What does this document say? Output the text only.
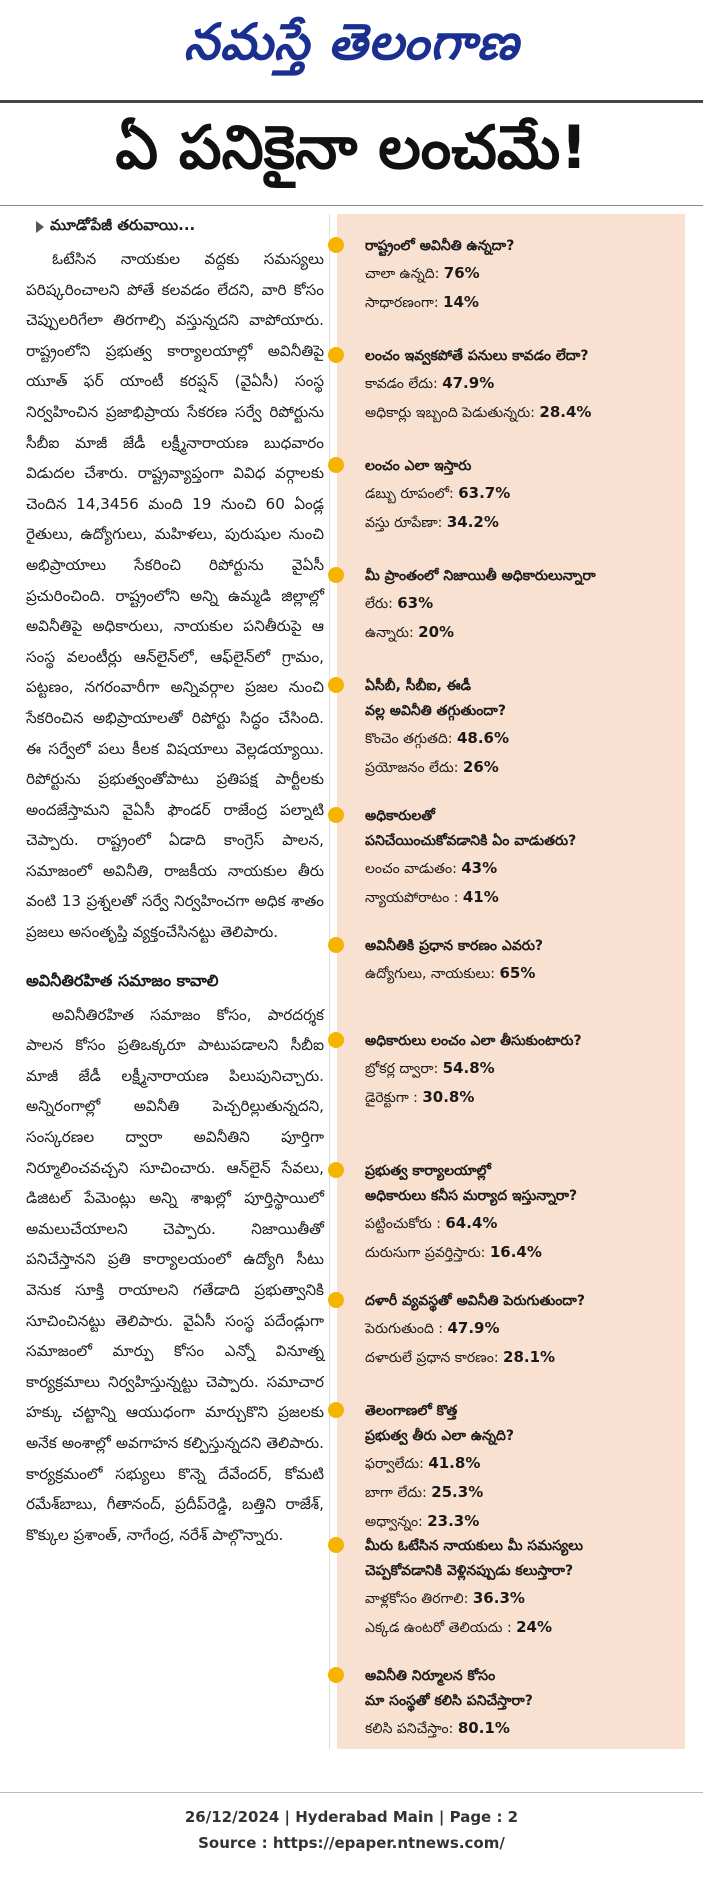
నమస్తే తెలంగాణ
ఏ పనికైనా లంచమే!
మూడోపేజీ తరువాయి...

ఓటేసిన నాయకుల వద్దకు సమస్యలు పరిష్కరించాలని పోతే కలవడం లేదని, వారి కోసం చెప్పులరిగేలా తిరగాల్సి వస్తున్నదని వాపోయారు. రాష్ట్రంలోని ప్రభుత్వ కార్యాలయాల్లో అవినీతిపై యూత్ ఫర్ యాంటీ కరప్షన్ (వైఏసీ) సంస్థ నిర్వహించిన ప్రజాభిప్రాయ సేకరణ సర్వే రిపోర్టును సీబీఐ మాజీ జేడీ లక్ష్మీనారాయణ బుధవారం విడుదల చేశారు. రాష్ట్రవ్యాప్తంగా వివిధ వర్గాలకు చెందిన 14,3456 మంది 19 నుంచి 60 ఏండ్ల రైతులు, ఉద్యోగులు, మహిళలు, పురుషుల నుంచి అభిప్రాయాలు సేకరించి రిపోర్టును వైఏసీ ప్రచురించింది. రాష్ట్రంలోని అన్ని ఉమ్మడి జిల్లాల్లో అవినీతిపై అధికారులు, నాయకుల పనితీరుపై ఆ సంస్థ వలంటీర్లు ఆన్‌లైన్‌లో, ఆఫ్‌లైన్‌లో గ్రామం, పట్టణం, నగరంవారీగా అన్నివర్గాల ప్రజల నుంచి సేకరించిన అభిప్రాయాలతో రిపోర్టు సిద్ధం చేసింది. ఈ సర్వేలో పలు కీలక విషయాలు వెల్లడయ్యాయి. రిపోర్టును ప్రభుత్వంతోపాటు ప్రతిపక్ష పార్టీలకు అందజేస్తామని వైఏసీ ఫౌండర్ రాజేంద్ర పల్నాటి చెప్పారు. రాష్ట్రంలో ఏడాది కాంగ్రెస్ పాలన, సమాజంలో అవినీతి, రాజకీయ నాయకుల తీరు వంటి 13 ప్రశ్నలతో సర్వే నిర్వహించగా అధిక శాతం ప్రజలు అసంతృప్తి వ్యక్తంచేసినట్టు తెలిపారు.

అవినీతిరహిత సమాజం కావాలి

అవినీతిరహిత సమాజం కోసం, పారదర్శక పాలన కోసం ప్రతిఒక్కరూ పాటుపడాలని సీబీఐ మాజీ జేడీ లక్ష్మీనారాయణ పిలుపునిచ్చారు. అన్నిరంగాల్లో అవినీతి పెచ్చరిల్లుతున్నదని, సంస్కరణల ద్వారా అవినీతిని పూర్తిగా నిర్మూలించవచ్చని సూచించారు. ఆన్‌లైన్ సేవలు, డిజిటల్ పేమెంట్లు అన్ని శాఖల్లో పూర్తిస్థాయిలో అమలుచేయాలని చెప్పారు. నిజాయితీతో పనిచేస్తానని ప్రతి కార్యాలయంలో ఉద్యోగి సీటు వెనుక సూక్తి రాయాలని గతేడాది ప్రభుత్వానికి సూచించినట్టు తెలిపారు. వైఏసీ సంస్థ పదేండ్లుగా సమాజంలో మార్పు కోసం ఎన్నో వినూత్న కార్యక్రమాలు నిర్వహిస్తున్నట్టు చెప్పారు. సమాచార హక్కు చట్టాన్ని ఆయుధంగా మార్చుకొని ప్రజలకు అనేక అంశాల్లో అవగాహన కల్పిస్తున్నదని తెలిపారు. కార్యక్రమంలో సభ్యులు కొన్నె దేవేందర్, కోమటి రమేశ్‌బాబు, గీతానంద్, ప్రదీప్‌రెడ్డి, బత్తిని రాజేశ్, కొక్కుల ప్రశాంత్, నాగేంద్ర, నరేశ్ పాల్గొన్నారు.

రాష్ట్రంలో అవినీతి ఉన్నదా?
చాలా ఉన్నది: 76%
సాధారణంగా: 14%
లంచం ఇవ్వకపోతే పనులు కావడం లేదా?
కావడం లేదు: 47.9%
అధికార్లు ఇబ్బంది పెడుతున్నరు: 28.4%
లంచం ఎలా ఇస్తారు
డబ్బు రూపంలో: 63.7%
వస్తు రూపేణా: 34.2%
మీ ప్రాంతంలో నిజాయితీ అధికారులున్నారా
లేరు: 63%
ఉన్నారు: 20%
ఏసీబీ, సీబీఐ, ఈడీ
వల్ల అవినీతి తగ్గుతుందా?
కొంచెం తగ్గుతది: 48.6%
ప్రయోజనం లేదు: 26%
అధికారులతో
పనిచేయించుకోవడానికి ఏం వాడుతరు?
లంచం వాడుతం: 43%
న్యాయపోరాటం : 41%
అవినీతికి ప్రధాన కారణం ఎవరు?
ఉద్యోగులు, నాయకులు: 65%
అధికారులు లంచం ఎలా తీసుకుంటారు?
బ్రోకర్ల ద్వారా: 54.8%
డైరెక్టుగా : 30.8%
ప్రభుత్వ కార్యాలయాల్లో
అధికారులు కనీస మర్యాద ఇస్తున్నారా?
పట్టించుకోరు : 64.4%
దురుసుగా ప్రవర్తిస్తారు: 16.4%
దళారీ వ్యవస్థతో అవినీతి పెరుగుతుందా?
పెరుగుతుంది : 47.9%
దళారులే ప్రధాన కారణం: 28.1%
తెలంగాణలో కొత్త
ప్రభుత్వ తీరు ఎలా ఉన్నది?
ఫర్వాలేదు: 41.8%
బాగా లేదు: 25.3%
అధ్వాన్నం: 23.3%
మీరు ఓటేసిన నాయకులు మీ సమస్యలు
చెప్పకోవడానికి వెళ్లినప్పుడు కలుస్తారా?
వాళ్లకోసం తిరగాలి: 36.3%
ఎక్కడ ఉంటరో తెలియదు : 24%
అవినీతి నిర్మూలన కోసం
మా సంస్థతో కలిసి పనిచేస్తారా?
కలిసి పనిచేస్తాం: 80.1%
26/12/2024 | Hyderabad Main | Page : 2
Source : https://epaper.ntnews.com/
